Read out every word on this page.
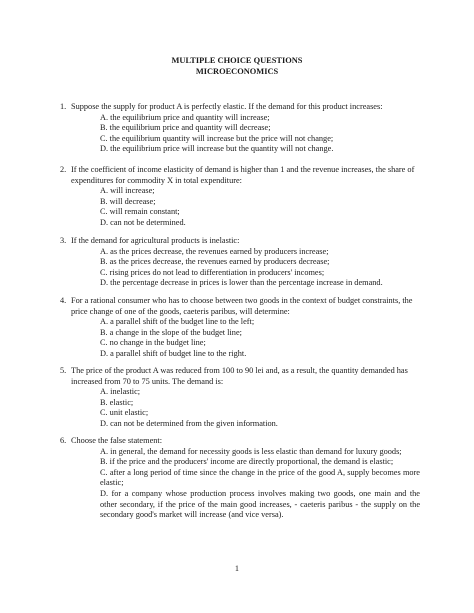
MULTIPLE CHOICE QUESTIONS
MICROECONOMICS
1. Suppose the supply for product A is perfectly elastic. If the demand for this product increases:
A. the equilibrium price and quantity will increase;
B. the equilibrium price and quantity will decrease;
C. the equilibrium quantity will increase but the price will not change;
D. the equilibrium price will increase but the quantity will not change.
2. If the coefficient of income elasticity of demand is higher than 1 and the revenue increases, the share of expenditures for commodity X in total expenditure:
A. will increase;
B. will decrease;
C. will remain constant;
D. can not be determined.
3. If the demand for agricultural products is inelastic:
A. as the prices decrease, the revenues earned by producers increase;
B. as the prices decrease, the revenues earned by producers decrease;
C. rising prices do not lead to differentiation in producers' incomes;
D. the percentage decrease in prices is lower than the percentage increase in demand.
4. For a rational consumer who has to choose between two goods in the context of budget constraints, the price change of one of the goods, caeteris paribus, will determine:
A. a parallel shift of the budget line to the left;
B. a change in the slope of the budget line;
C. no change in the budget line;
D. a parallel shift of budget line to the right.
5. The price of the product A was reduced from 100 to 90 lei and, as a result, the quantity demanded has increased from 70 to 75 units. The demand is:
A. inelastic;
B. elastic;
C. unit elastic;
D. can not be determined from the given information.
6. Choose the false statement:
A. in general, the demand for necessity goods is less elastic than demand for luxury goods;
B. if the price and the producers' income are directly proportional, the demand is elastic;
C. after a long period of time since the change in the price of the good A, supply becomes more elastic;
D. for a company whose production process involves making two goods, one main and the other secondary, if the price of the main good increases, - caeteris paribus - the supply on the secondary good's market will increase (and vice versa).
1
